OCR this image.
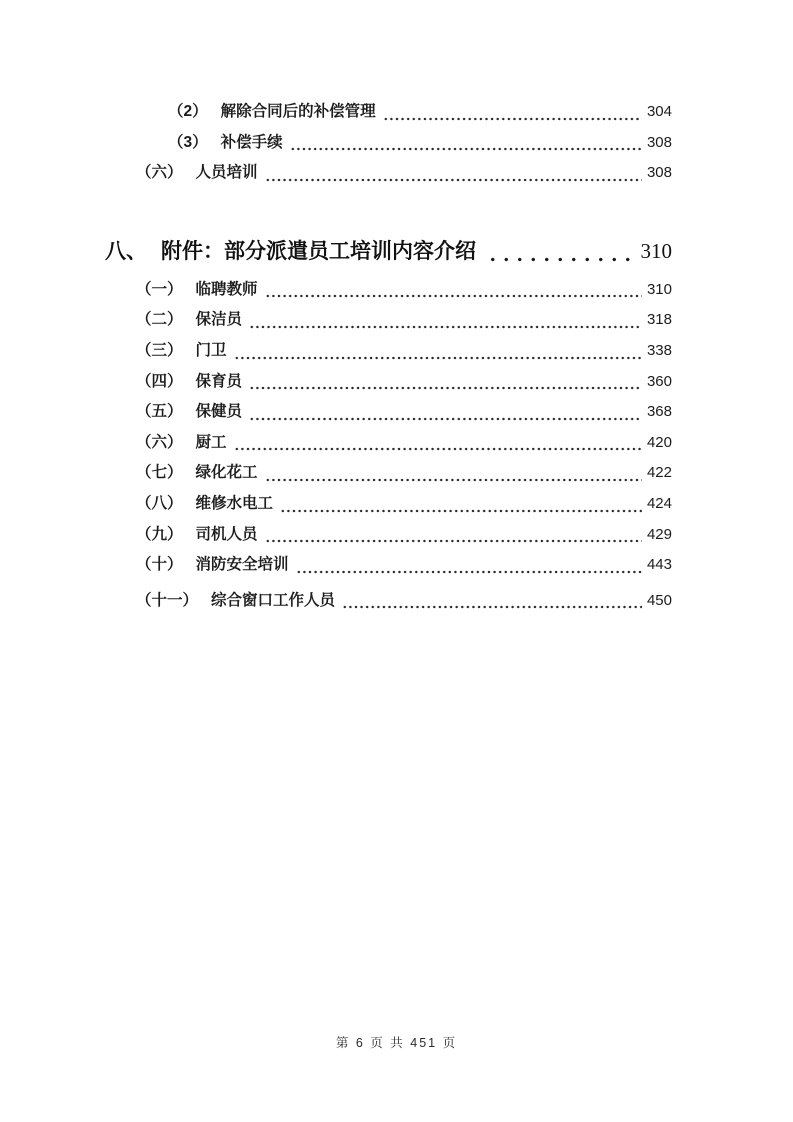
（2） 解除合同后的补偿管理	304
（3） 补偿手续	308
（六） 人员培训	308
八、 附件：部分派遣员工培训内容介绍	310
（一） 临聘教师	310
（二） 保洁员	318
（三） 门卫	338
（四） 保育员	360
（五） 保健员	368
（六） 厨工	420
（七） 绿化花工	422
（八） 维修水电工	424
（九） 司机人员	429
（十） 消防安全培训	443
（十一） 综合窗口工作人员	450
第 6 页 共 451 页
